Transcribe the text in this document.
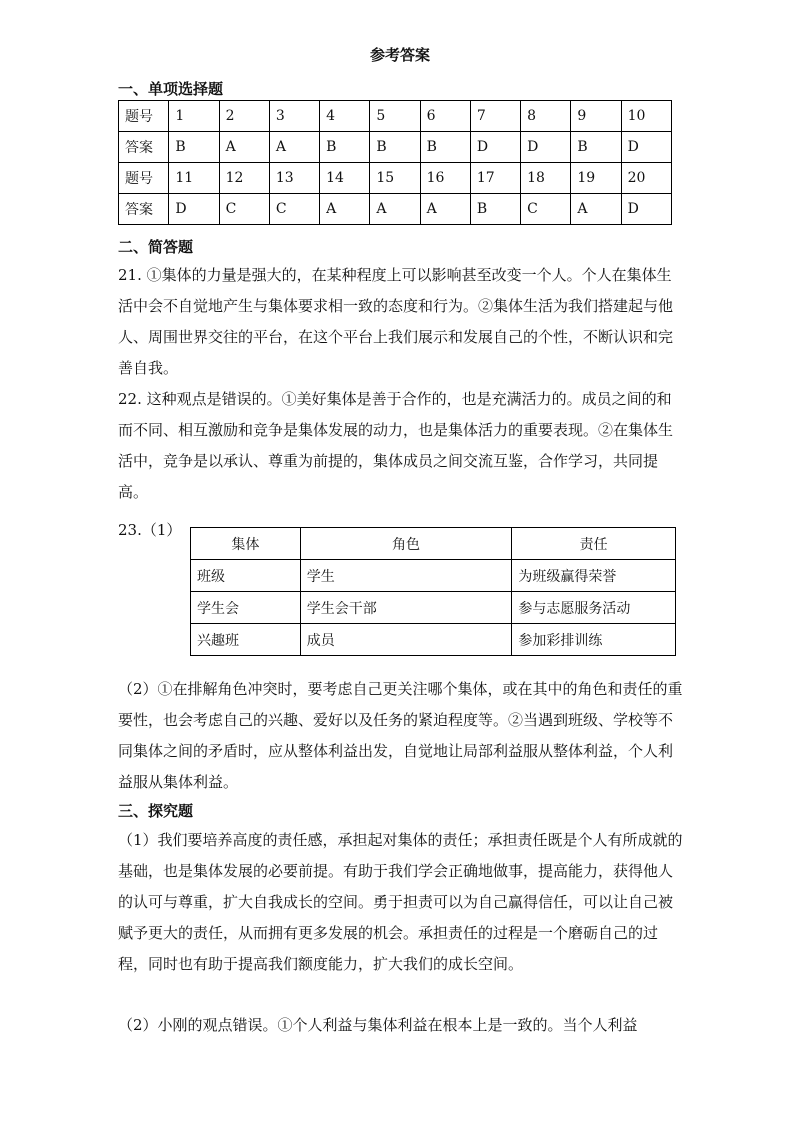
参考答案
一、单项选择题
题号	1	2	3	4	5	6	7	8	9	10
答案	B	A	A	B	B	B	D	D	B	D
题号	11	12	13	14	15	16	17	18	19	20
答案	D	C	C	A	A	A	B	C	A	D
二、简答题

21. ①集体的力量是强大的，在某种程度上可以影响甚至改变一个人。个人在集体生活中会不自觉地产生与集体要求相一致的态度和行为。②集体生活为我们搭建起与他人、周围世界交往的平台，在这个平台上我们展示和发展自己的个性，不断认识和完善自我。

22. 这种观点是错误的。①美好集体是善于合作的，也是充满活力的。成员之间的和而不同、相互激励和竞争是集体发展的动力，也是集体活力的重要表现。②在集体生活中，竞争是以承认、尊重为前提的，集体成员之间交流互鉴，合作学习，共同提高。

23.（1）
集体	角色	责任
班级	学生	为班级赢得荣誉
学生会	学生会干部	参与志愿服务活动
兴趣班	成员	参加彩排训练

（2）①在排解角色冲突时，要考虑自己更关注哪个集体，或在其中的角色和责任的重要性，也会考虑自己的兴趣、爱好以及任务的紧迫程度等。②当遇到班级、学校等不同集体之间的矛盾时，应从整体利益出发，自觉地让局部利益服从整体利益，个人利益服从集体利益。

三、探究题

（1）我们要培养高度的责任感，承担起对集体的责任；承担责任既是个人有所成就的基础，也是集体发展的必要前提。有助于我们学会正确地做事，提高能力，获得他人的认可与尊重，扩大自我成长的空间。勇于担责可以为自己赢得信任，可以让自己被赋予更大的责任，从而拥有更多发展的机会。承担责任的过程是一个磨砺自己的过程，同时也有助于提高我们额度能力，扩大我们的成长空间。

（2）小刚的观点错误。①个人利益与集体利益在根本上是一致的。当个人利益
